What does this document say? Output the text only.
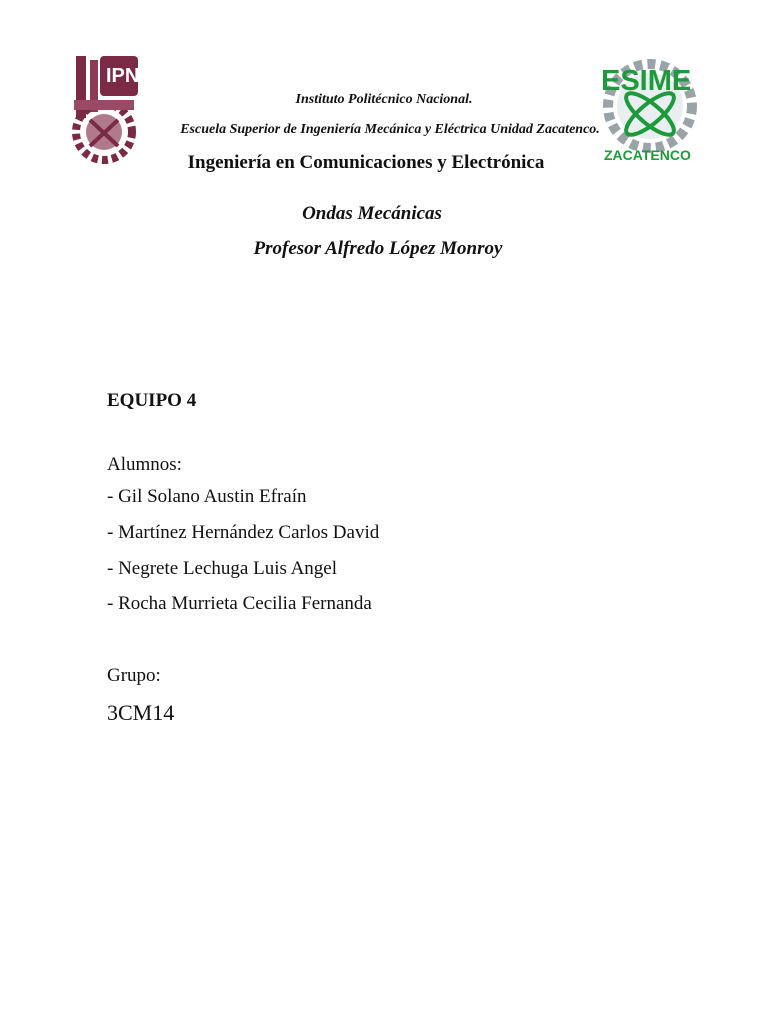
IPN	ESIME
ZACATENCO
Instituto Politécnico Nacional.
Escuela Superior de Ingeniería Mecánica y Eléctrica Unidad Zacatenco.
Ingeniería en Comunicaciones y Electrónica
Ondas Mecánicas
Profesor Alfredo López Monroy
EQUIPO 4
Alumnos:
- Gil Solano Austin Efraín
- Martínez Hernández Carlos David
- Negrete Lechuga Luis Angel
- Rocha Murrieta Cecilia Fernanda
Grupo:
3CM14
